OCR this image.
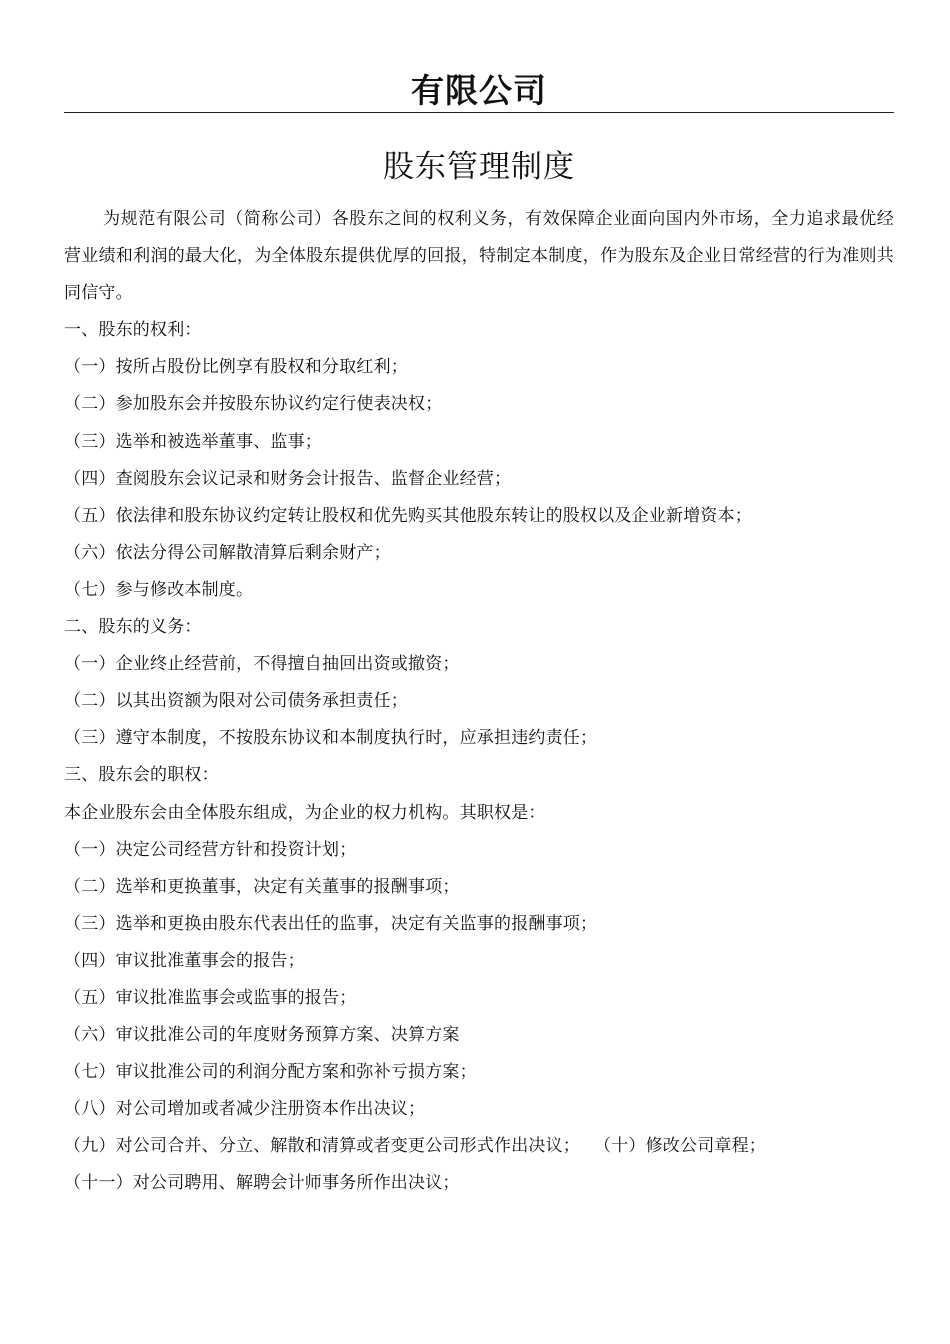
有限公司
股东管理制度

为规范有限公司（简称公司）各股东之间的权利义务，有效保障企业面向国内外市场，全力追求最优经营业绩和利润的最大化，为全体股东提供优厚的回报，特制定本制度，作为股东及企业日常经营的行为准则共同信守。

一、股东的权利：
（一）按所占股份比例享有股权和分取红利；
（二）参加股东会并按股东协议约定行使表决权；
（三）选举和被选举董事、监事；
（四）查阅股东会议记录和财务会计报告、监督企业经营；
（五）依法律和股东协议约定转让股权和优先购买其他股东转让的股权以及企业新增资本；
（六）依法分得公司解散清算后剩余财产；
（七）参与修改本制度。
二、股东的义务：
（一）企业终止经营前，不得擅自抽回出资或撤资；
（二）以其出资额为限对公司债务承担责任；
（三）遵守本制度，不按股东协议和本制度执行时，应承担违约责任；
三、股东会的职权：
本企业股东会由全体股东组成，为企业的权力机构。其职权是：
（一）决定公司经营方针和投资计划；
（二）选举和更换董事，决定有关董事的报酬事项；
（三）选举和更换由股东代表出任的监事，决定有关监事的报酬事项；
（四）审议批准董事会的报告；
（五）审议批准监事会或监事的报告；
（六）审议批准公司的年度财务预算方案、决算方案
（七）审议批准公司的利润分配方案和弥补亏损方案；
（八）对公司增加或者减少注册资本作出决议；
（九）对公司合并、分立、解散和清算或者变更公司形式作出决议； （十）修改公司章程；
（十一）对公司聘用、解聘会计师事务所作出决议；
